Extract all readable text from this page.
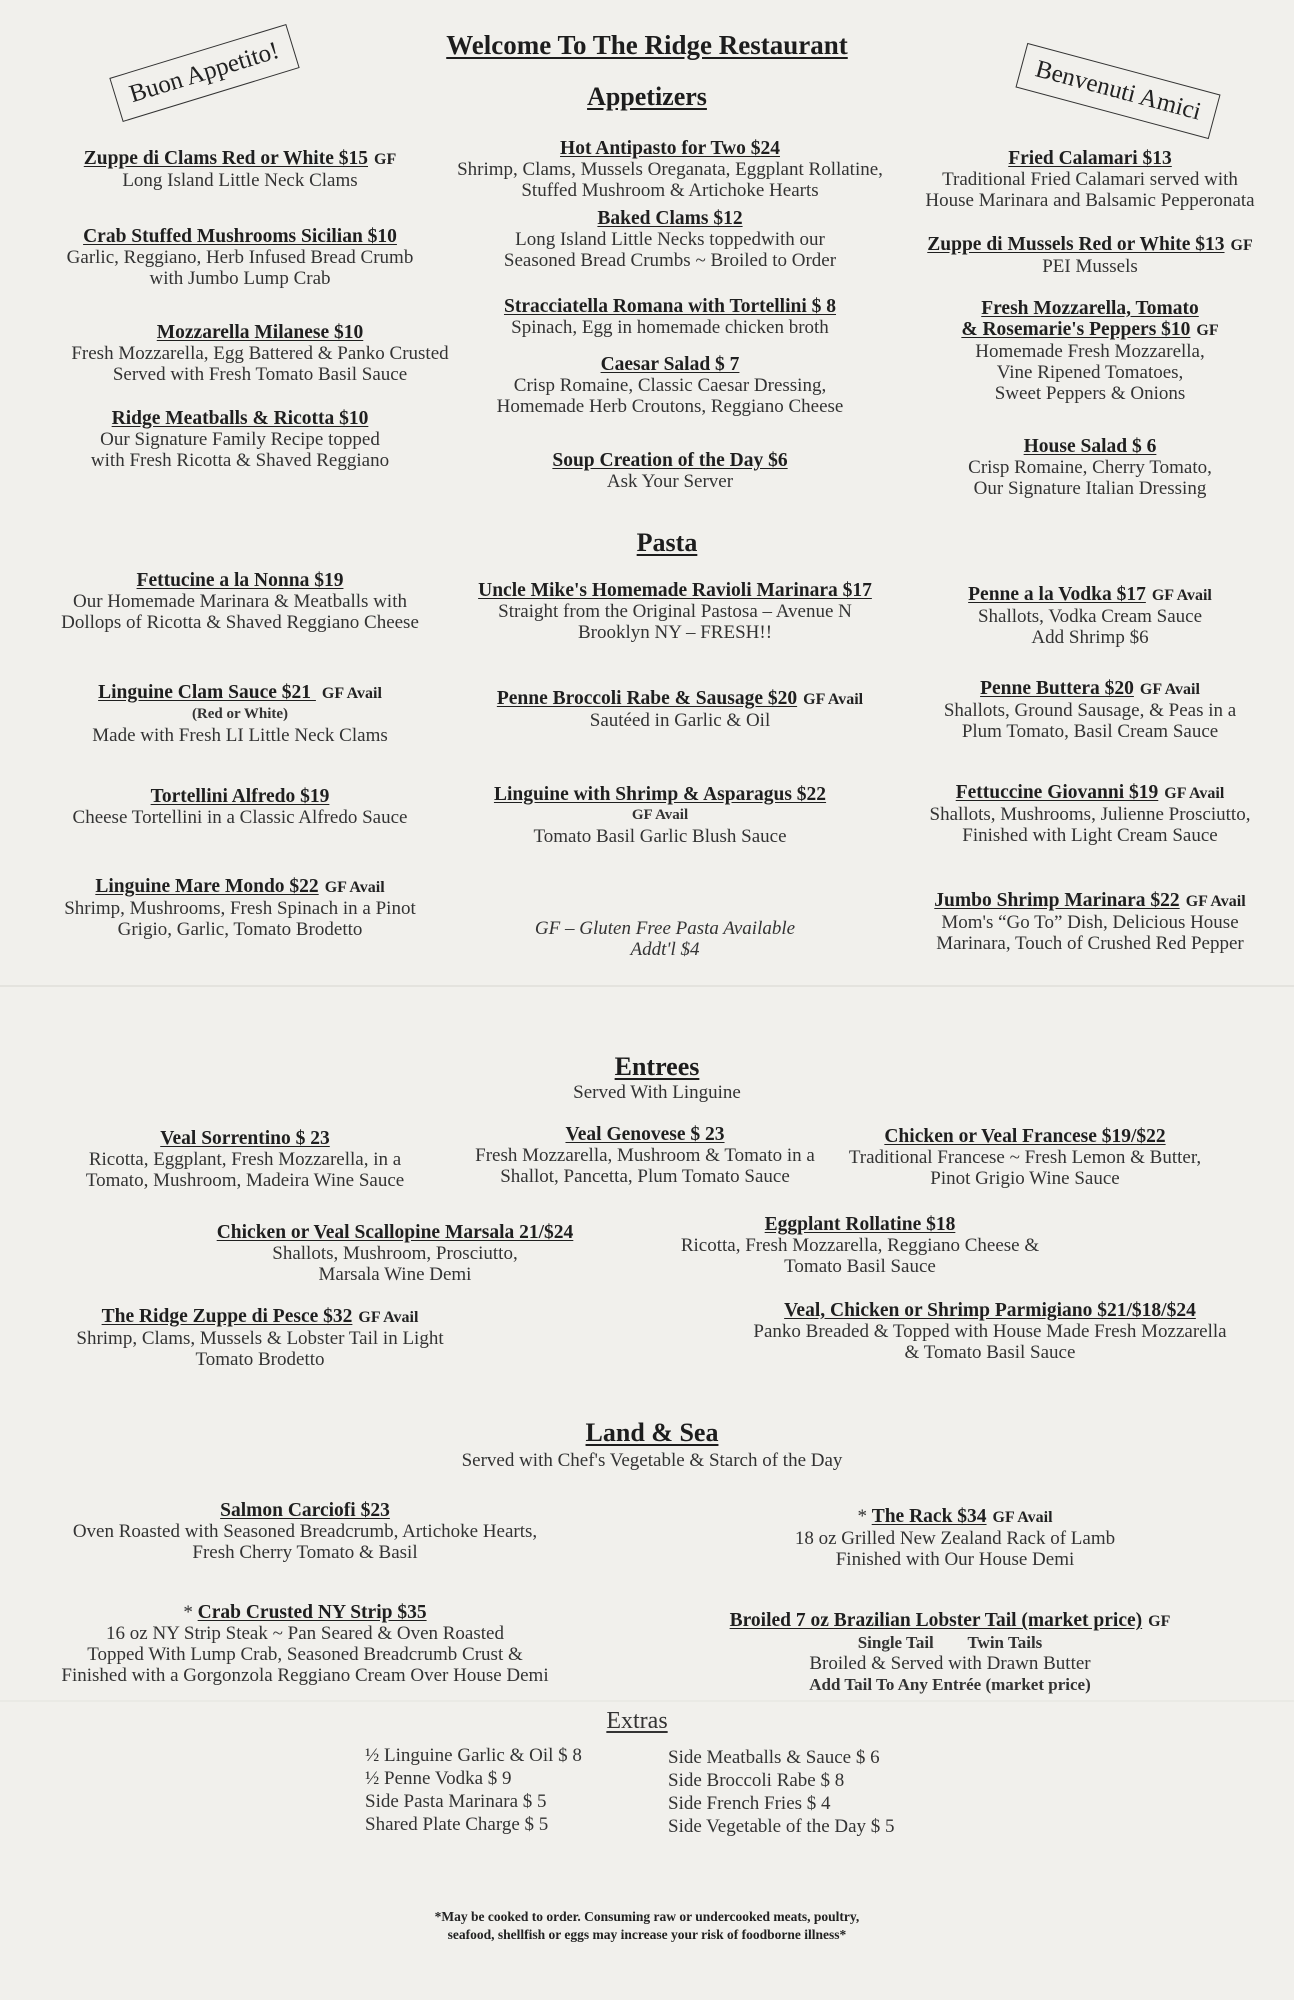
Welcome To The Ridge Restaurant
Buon Appetito!	Benvenuti Amici
Appetizers
Zuppe di Clams Red or White $15 GF
Long Island Little Neck Clams
Crab Stuffed Mushrooms Sicilian $10
Garlic, Reggiano, Herb Infused Bread Crumb
with Jumbo Lump Crab
Mozzarella Milanese $10
Fresh Mozzarella, Egg Battered & Panko Crusted
Served with Fresh Tomato Basil Sauce
Ridge Meatballs & Ricotta $10
Our Signature Family Recipe topped
with Fresh Ricotta & Shaved Reggiano
Hot Antipasto for Two $24
Shrimp, Clams, Mussels Oreganata, Eggplant Rollatine,
Stuffed Mushroom & Artichoke Hearts
Baked Clams $12
Long Island Little Necks toppedwith our
Seasoned Bread Crumbs ~ Broiled to Order
Stracciatella Romana with Tortellini $ 8
Spinach, Egg in homemade chicken broth
Caesar Salad $ 7
Crisp Romaine, Classic Caesar Dressing,
Homemade Herb Croutons, Reggiano Cheese
Soup Creation of the Day $6
Ask Your Server
Fried Calamari $13
Traditional Fried Calamari served with
House Marinara and Balsamic Pepperonata
Zuppe di Mussels Red or White $13 GF
PEI Mussels
Fresh Mozzarella, Tomato
& Rosemarie's Peppers $10 GF
Homemade Fresh Mozzarella,
Vine Ripened Tomatoes,
Sweet Peppers & Onions
House Salad $ 6
Crisp Romaine, Cherry Tomato,
Our Signature Italian Dressing
Pasta
Fettucine a la Nonna $19
Our Homemade Marinara & Meatballs with
Dollops of Ricotta & Shaved Reggiano Cheese
Linguine Clam Sauce $21 GF Avail
(Red or White)
Made with Fresh LI Little Neck Clams
Tortellini Alfredo $19
Cheese Tortellini in a Classic Alfredo Sauce
Linguine Mare Mondo $22 GF Avail
Shrimp, Mushrooms, Fresh Spinach in a Pinot
Grigio, Garlic, Tomato Brodetto
Uncle Mike's Homemade Ravioli Marinara $17
Straight from the Original Pastosa – Avenue N
Brooklyn NY – FRESH!!
Penne Broccoli Rabe & Sausage $20 GF Avail
Sautéed in Garlic & Oil
Linguine with Shrimp & Asparagus $22
GF Avail
Tomato Basil Garlic Blush Sauce
GF – Gluten Free Pasta Available
Addt'l $4
Penne a la Vodka $17 GF Avail
Shallots, Vodka Cream Sauce
Add Shrimp $6
Penne Buttera $20 GF Avail
Shallots, Ground Sausage, & Peas in a
Plum Tomato, Basil Cream Sauce
Fettuccine Giovanni $19 GF Avail
Shallots, Mushrooms, Julienne Prosciutto,
Finished with Light Cream Sauce
Jumbo Shrimp Marinara $22 GF Avail
Mom's “Go To” Dish, Delicious House
Marinara, Touch of Crushed Red Pepper
Entrees
Served With Linguine
Veal Sorrentino $ 23
Ricotta, Eggplant, Fresh Mozzarella, in a
Tomato, Mushroom, Madeira Wine Sauce
Veal Genovese $ 23
Fresh Mozzarella, Mushroom & Tomato in a
Shallot, Pancetta, Plum Tomato Sauce
Chicken or Veal Francese $19/$22
Traditional Francese ~ Fresh Lemon & Butter,
Pinot Grigio Wine Sauce
Chicken or Veal Scallopine Marsala 21/$24
Shallots, Mushroom, Prosciutto,
Marsala Wine Demi
Eggplant Rollatine $18
Ricotta, Fresh Mozzarella, Reggiano Cheese &
Tomato Basil Sauce
The Ridge Zuppe di Pesce $32 GF Avail
Shrimp, Clams, Mussels & Lobster Tail in Light
Tomato Brodetto
Veal, Chicken or Shrimp Parmigiano $21/$18/$24
Panko Breaded & Topped with House Made Fresh Mozzarella
& Tomato Basil Sauce
Land & Sea
Served with Chef's Vegetable & Starch of the Day
Salmon Carciofi $23
Oven Roasted with Seasoned Breadcrumb, Artichoke Hearts,
Fresh Cherry Tomato & Basil
* The Rack $34 GF Avail
18 oz Grilled New Zealand Rack of Lamb
Finished with Our House Demi
* Crab Crusted NY Strip $35
16 oz NY Strip Steak ~ Pan Seared & Oven Roasted
Topped With Lump Crab, Seasoned Breadcrumb Crust &
Finished with a Gorgonzola Reggiano Cream Over House Demi
Broiled 7 oz Brazilian Lobster Tail (market price) GF
Single Tail        Twin Tails
Broiled & Served with Drawn Butter
Add Tail To Any Entrée (market price)
Extras
½ Linguine Garlic & Oil $ 8
½ Penne Vodka $ 9
Side Pasta Marinara $ 5
Shared Plate Charge $ 5
Side Meatballs & Sauce $ 6
Side Broccoli Rabe $ 8
Side French Fries $ 4
Side Vegetable of the Day $ 5
*May be cooked to order. Consuming raw or undercooked meats, poultry,
seafood, shellfish or eggs may increase your risk of foodborne illness*
